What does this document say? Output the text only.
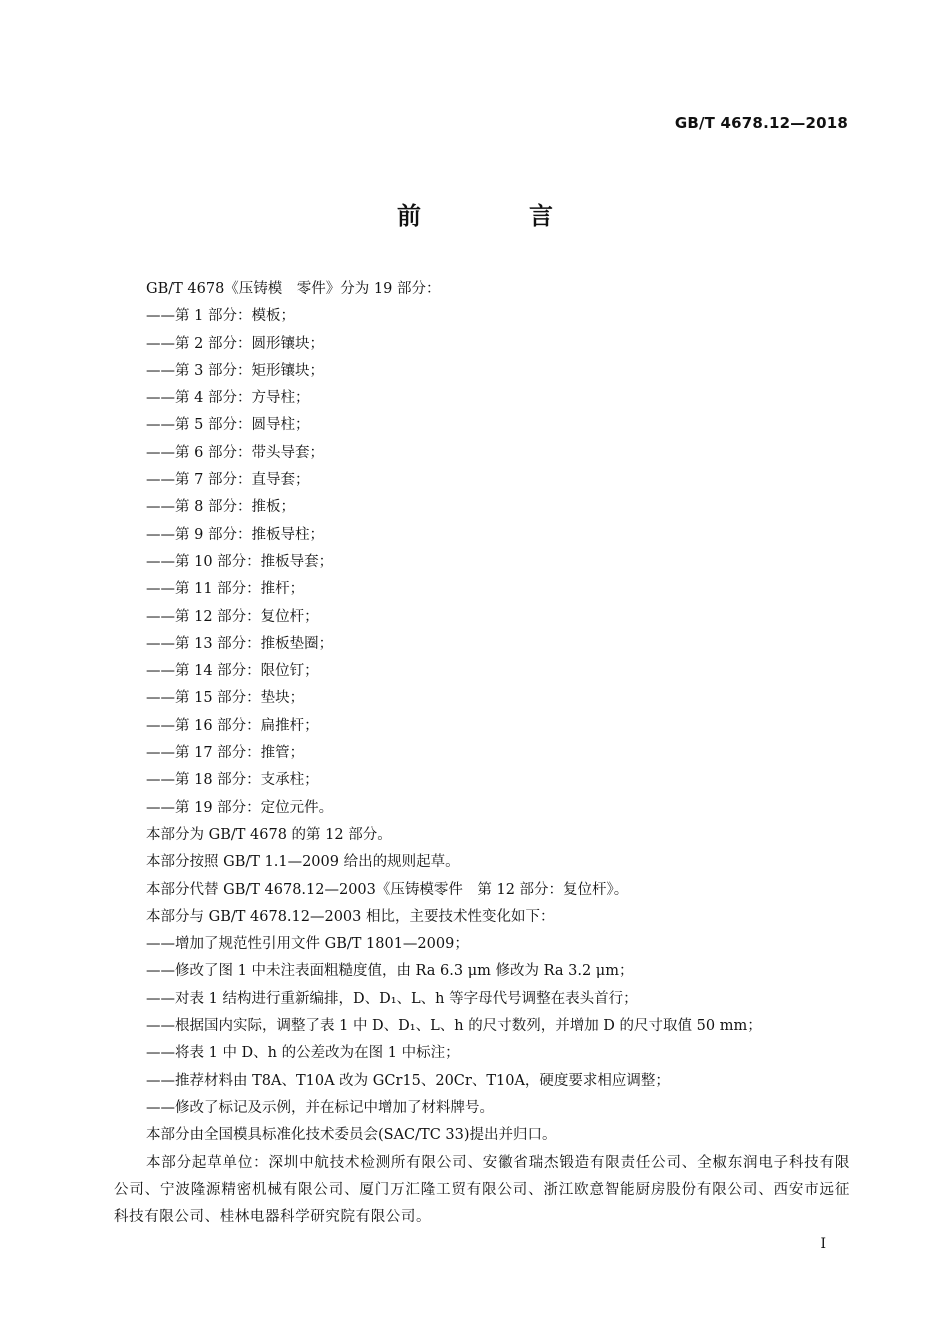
GB/T 4678.12—2018
前　言

GB/T 4678《压铸模　零件》分为 19 部分：

——第 1 部分：模板；

——第 2 部分：圆形镶块；

——第 3 部分：矩形镶块；

——第 4 部分：方导柱；

——第 5 部分：圆导柱；

——第 6 部分：带头导套；

——第 7 部分：直导套；

——第 8 部分：推板；

——第 9 部分：推板导柱；

——第 10 部分：推板导套；

——第 11 部分：推杆；

——第 12 部分：复位杆；

——第 13 部分：推板垫圈；

——第 14 部分：限位钉；

——第 15 部分：垫块；

——第 16 部分：扁推杆；

——第 17 部分：推管；

——第 18 部分：支承柱；

——第 19 部分：定位元件。

本部分为 GB/T 4678 的第 12 部分。

本部分按照 GB/T 1.1—2009 给出的规则起草。

本部分代替 GB/T 4678.12—2003《压铸模零件　第 12 部分：复位杆》。

本部分与 GB/T 4678.12—2003 相比，主要技术性变化如下：

——增加了规范性引用文件 GB/T 1801—2009；

——修改了图 1 中未注表面粗糙度值，由 Ra 6.3 μm 修改为 Ra 3.2 μm；

——对表 1 结构进行重新编排，D、D₁、L、h 等字母代号调整在表头首行；

——根据国内实际，调整了表 1 中 D、D₁、L、h 的尺寸数列，并增加 D 的尺寸取值 50 mm；

——将表 1 中 D、h 的公差改为在图 1 中标注；

——推荐材料由 T8A、T10A 改为 GCr15、20Cr、T10A，硬度要求相应调整；

——修改了标记及示例，并在标记中增加了材料牌号。

本部分由全国模具标准化技术委员会(SAC/TC 33)提出并归口。

本部分起草单位：深圳中航技术检测所有限公司、安徽省瑞杰锻造有限责任公司、全椒东润电子科技有限公司、宁波隆源精密机械有限公司、厦门万汇隆工贸有限公司、浙江欧意智能厨房股份有限公司、西安市远征科技有限公司、桂林电器科学研究院有限公司。

I
